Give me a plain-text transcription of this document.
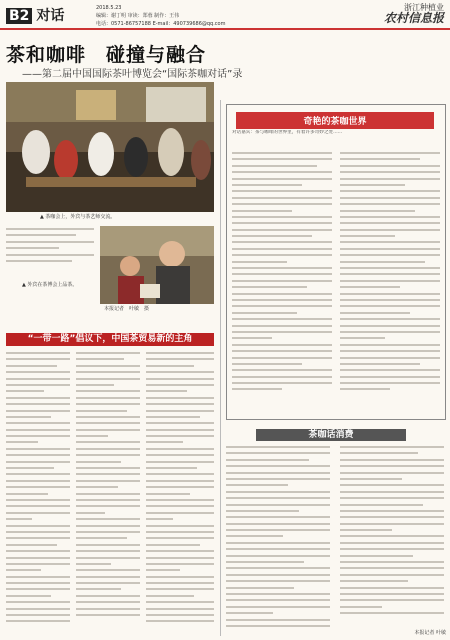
B2 对话	2018.5.23
编辑：谢丁明 审读：郑蓉 制作：王伟
电话：0571-86757188 E-mail：490739686@qq.com
浙江种植业
农村信息报
茶和咖啡　碰撞与融合
——第二届中国国际茶叶博览会“国际茶咖对话”录
▲ 茶咖会上，外宾与茶艺师交流。
▲ 外宾在茶博会上品茶。
本报记者　叶敏　摄
奇艳的茶咖世界
对话嘉宾：茶与咖啡的世界里，有着许多奇妙之处……
“一带一路”倡议下，中国茶贸易新的主角
茶咖话消费
本报记者 叶敏
